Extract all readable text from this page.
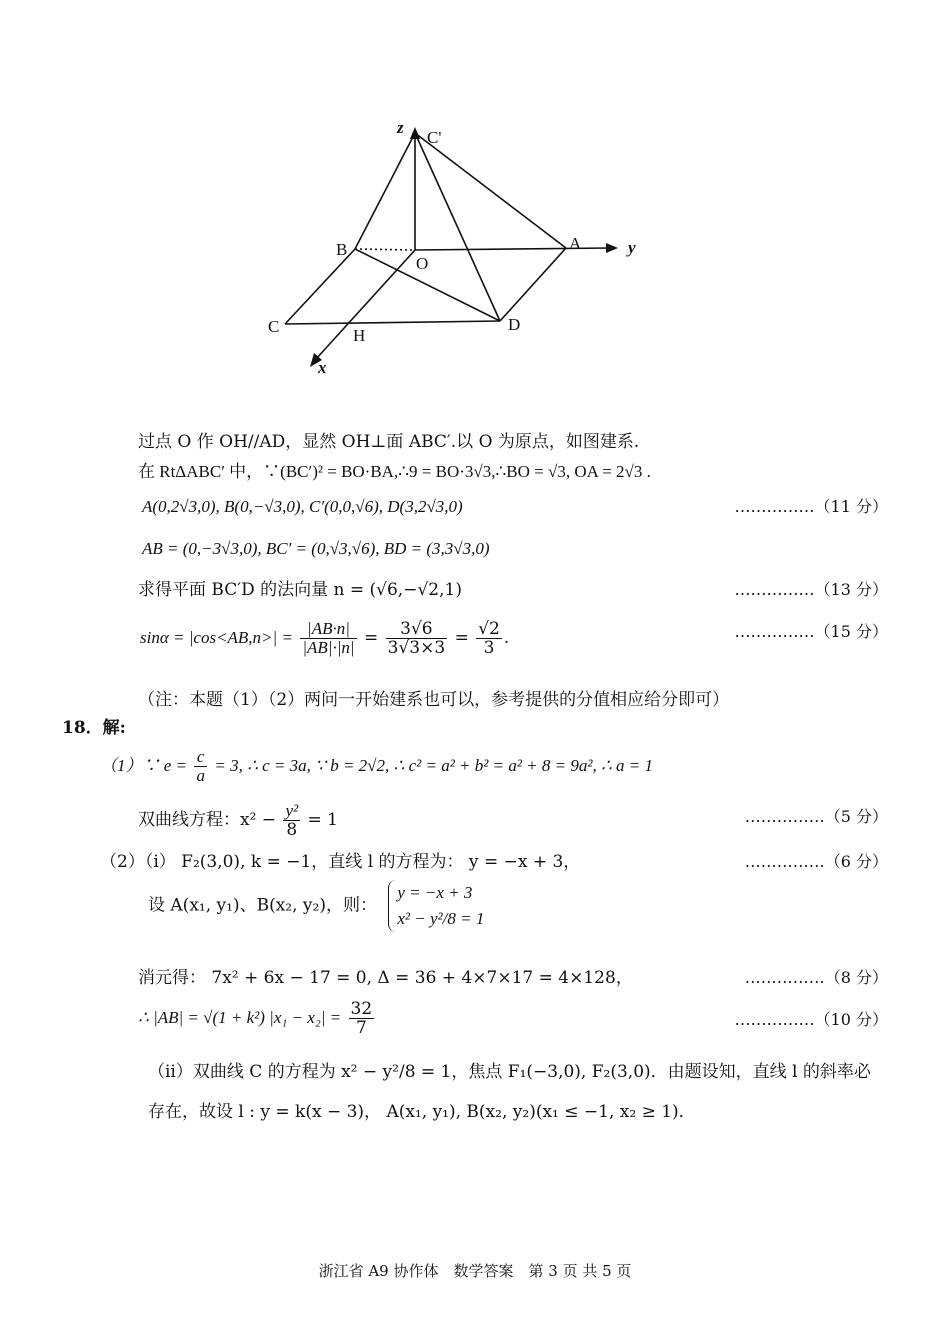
z
C'
B
O
A	y
C	H
D
x
过点 O 作 OH//AD，显然 OH⊥面 ABC′.以 O 为原点，如图建系.
在 RtΔABC′ 中，∵(BC′)² = BO·BA,∴9 = BO·3√3,∴BO = √3, OA = 2√3 .
A(0,2√3,0), B(0,−√3,0), C′(0,0,√6), D(3,2√3,0)	……………（11 分）
AB = (0,−3√3,0), BC′ = (0,√3,√6), BD = (3,3√3,0)
求得平面 BC′D 的法向量 n = (√6,−√2,1)	……………（13 分）
$\sin\alpha = |\cos<AB,n>| = \frac{|AB\cdot n|}{|AB|\cdot|n|} = \frac{3√6}{3√3\times 3} = \frac{√2}{3}$ .	……………（15 分）
（注：本题（1）（2）两问一开始建系也可以，参考提供的分值相应给分即可）
18．解:
（1）∵ $e = \frac{c}{a} = 3$, ∴ c = 3a, ∵ b = 2√2, ∴ c² = a² + b² = a² + 8 = 9a², ∴ a = 1
双曲线方程：$x^2 - \frac{\text{y²}}{8} = 1$	……………（5 分）
（2）（i） F₂(3,0), k = −1，直线 l 的方程为： y = −x + 3，	……………（6 分）
设 A(x₁, y₁)、B(x₂, y₂)，则：
y = −x + 3
x² − y²/8 = 1
消元得： 7x² + 6x − 17 = 0, Δ = 36 + 4×7×17 = 4×128，	……………（8 分）
∴ |AB| = √(1 + k²) $|x_1 - x_2| = \frac{32}{7}$	……………（10 分）
（ii）双曲线 C 的方程为 x² − y²/8 = 1，焦点 F₁(−3,0), F₂(3,0)．由题设知，直线 l 的斜率必
存在，故设 l : y = k(x − 3)， A(x₁, y₁), B(x₂, y₂)(x₁ ≤ −1, x₂ ≥ 1)．
浙江省 A9 协作体　数学答案　第 3 页 共 5 页
